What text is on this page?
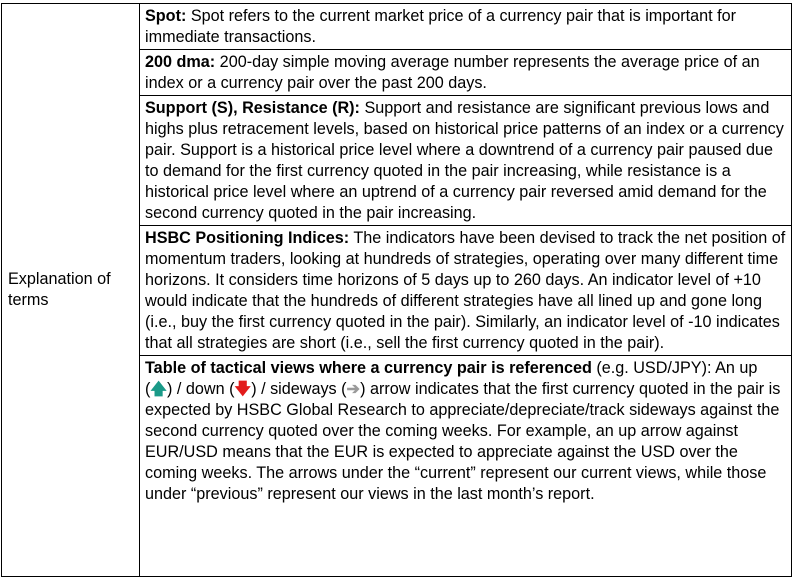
Explanation of terms
Spot: Spot refers to the current market price of a currency pair that is important for immediate transactions.
200 dma: 200-day simple moving average number represents the average price of an index or a currency pair over the past 200 days.
Support (S), Resistance (R): Support and resistance are significant previous lows and highs plus retracement levels, based on historical price patterns of an index or a currency pair. Support is a historical price level where a downtrend of a currency pair paused due to demand for the first currency quoted in the pair increasing, while resistance is a historical price level where an uptrend of a currency pair reversed amid demand for the second currency quoted in the pair increasing.
HSBC Positioning Indices: The indicators have been devised to track the net position of momentum traders, looking at hundreds of strategies, operating over many different time horizons. It considers time horizons of 5 days up to 260 days. An indicator level of +10 would indicate that the hundreds of different strategies have all lined up and gone long (i.e., buy the first currency quoted in the pair). Similarly, an indicator level of -10 indicates that all strategies are short (i.e., sell the first currency quoted in the pair).
Table of tactical views where a currency pair is referenced (e.g. USD/JPY): An up (🡅) / down (🡇) / sideways (➔) arrow indicates that the first currency quoted in the pair is expected by HSBC Global Research to appreciate/depreciate/track sideways against the second currency quoted over the coming weeks. For example, an up arrow against EUR/USD means that the EUR is expected to appreciate against the USD over the coming weeks. The arrows under the “current” represent our current views, while those under “previous” represent our views in the last month’s report.
